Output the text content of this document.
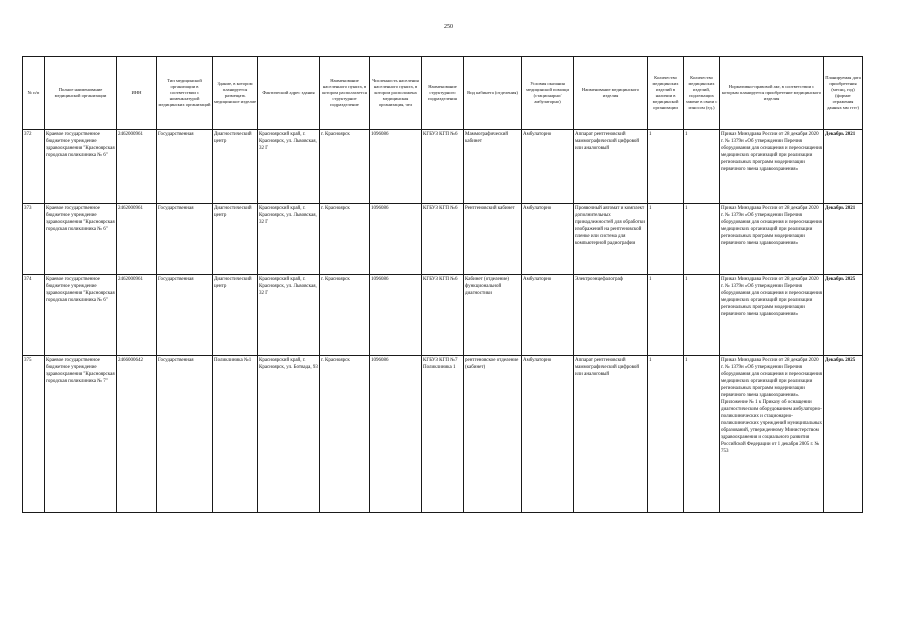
250
№ п/п	Полное наименование медицинской организации	ИНН	Тип медицинской организации в соответствии с номенклатурой медицинских организаций	Здание, в котором планируется размещать медицинское изделие	Фактический адрес здания	Наименование населенного пункта, в котором располагается структурное подразделение	Численность населения населенного пункта, в котором расположена медицинская организация, чел	Наименование структурного подразделения	Вид кабинета (отделения)	Условия оказания медицинской помощи (стационарно/ амбулаторно)	Наименование медицинского изделия	Количество медицинских изделий в наличии в медицинской организации	Количество медицинских изделий, подлежащих замене в связи с износом (ед.)	Нормативно-правовой акт, в соответствии с которым планируется приобретение медицинского изделия	Планируемая дата приобретения (месяц, год) (формат отражения данных мм гггг)
372	Краевое государственное бюджетное учреждение здравоохранения "Красноярская городская поликлиника № 6"	2462000961	Государственная	Диагностический центр	Красноярский край, г. Красноярск, ул. Львовская, 32 Г	г. Красноярск	1096086	КГБУЗ КГП №6	Маммографический кабинет	Амбулаторно	Аппарат рентгеновский маммографический цифровой или аналоговый	1	1	Приказ Минздрава России от 28 декабря 2020 г. № 1379н «Об утверждении Перечня оборудования для оснащения и переоснащения медицинских организаций при реализации региональных программ модернизации первичного звена здравоохранения»	Декабрь 2021
373	Краевое государственное бюджетное учреждение здравоохранения "Красноярская городская поликлиника № 6"	2462000961	Государственная	Диагностический центр	Красноярский край, г. Красноярск, ул. Львовская, 32 Г	г. Красноярск	1096086	КГБУЗ КГП №6	Рентгеновский кабинет	Амбулаторно	Проявочный автомат и комплект дополнительных принадлежностей для обработки изображений на рентгеновской пленке или система для компьютерной радиографии	1	1	Приказ Минздрава России от 28 декабря 2020 г. № 1379н «Об утверждении Перечня оборудования для оснащения и переоснащения медицинских организаций при реализации региональных программ модернизации первичного звена здравоохранения»	Декабрь 2021
374	Краевое государственное бюджетное учреждение здравоохранения "Красноярская городская поликлиника № 6"	2462000961	Государственная	Диагностический центр	Красноярский край, г. Красноярск, ул. Львовская, 32 Г	г. Красноярск	1096086	КГБУЗ КГП №6	Кабинет (отделение) функциональной диагностики	Амбулаторно	Электроэнцефалограф	1	1	Приказ Минздрава России от 28 декабря 2020 г. № 1379н «Об утверждении Перечня оборудования для оснащения и переоснащения медицинских организаций при реализации региональных программ модернизации первичного звена здравоохранения»	Декабрь 2025
375	Краевое государственное бюджетное учреждение здравоохранения "Красноярская городская поликлиника № 7"	2466000642	Государственная	Поликлиника №1	Красноярский край, г. Красноярск, ул. Ботвада, 93	г. Красноярск	1096086	КГБУЗ КГП №7 Поликлиника 1	рентгеновское отделение (кабинет)	Амбулаторно	Аппарат рентгеновский маммографический цифровой или аналоговый	1	1	Приказ Минздрава России от 28 декабря 2020 г. № 1379н «Об утверждении Перечня оборудования для оснащения и переоснащения медицинских организаций при реализации региональных программ модернизации первичного звена здравоохранения». Приложение № 1 к Приказу об оснащении диагностическим оборудованием амбулаторно-поликлинических и стационарно-поликлинических учреждений муниципальных образований, утвержденному Министерством здравоохранения и социального развития Российской Федерации от 1 декабря 2005 г. № 753	Декабрь 2025
